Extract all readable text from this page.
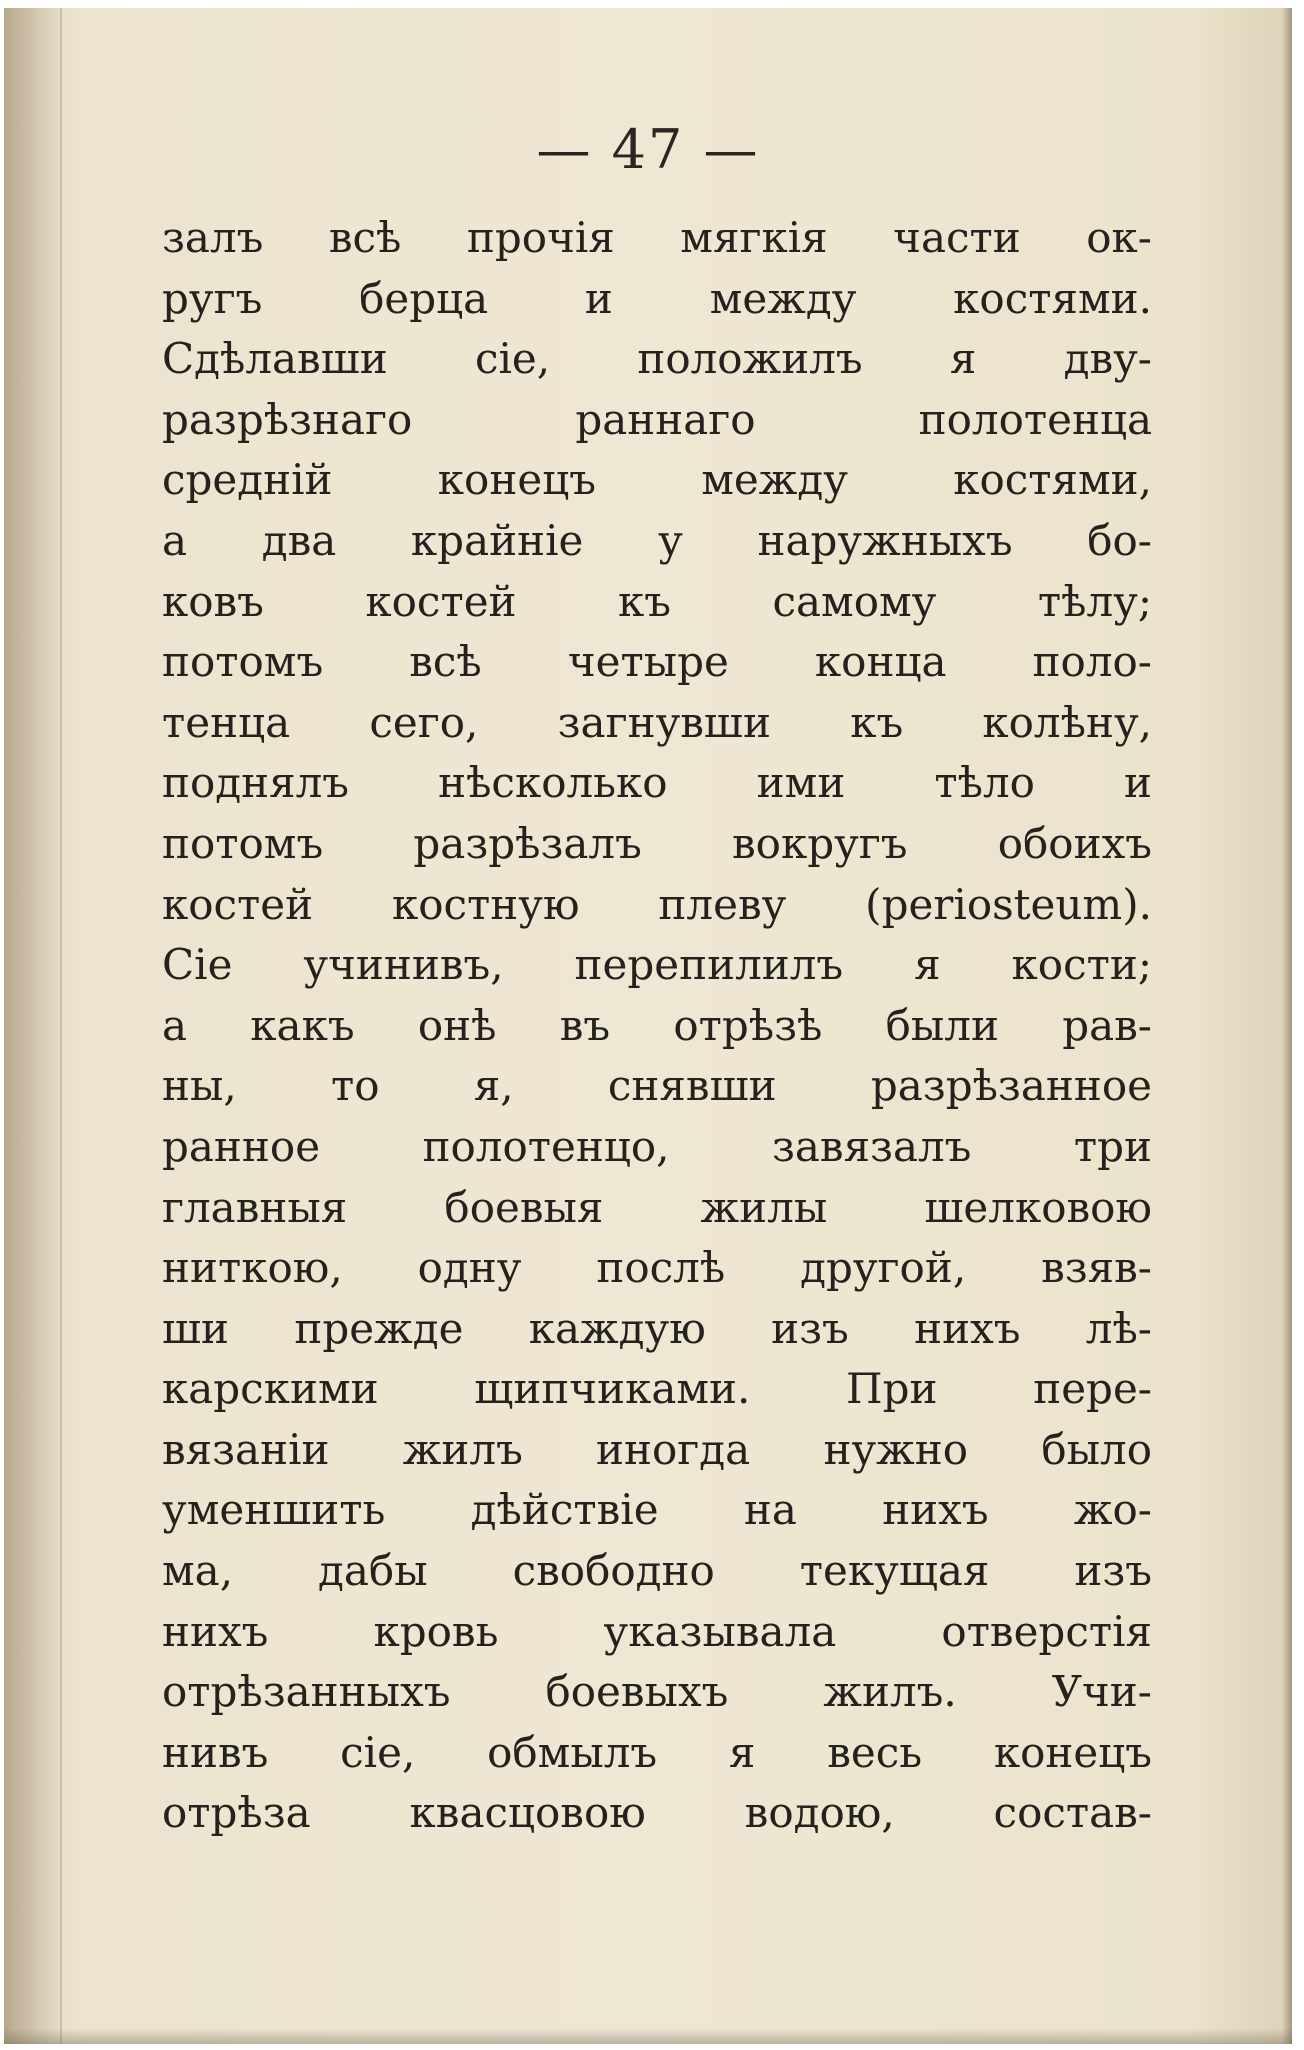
— 47 —
залъ всѣ прочія мягкія части ок-
ругъ берца и между костями.
Сдѣлавши сіе, положилъ я дву-
разрѣзнаго раннаго полотенца
средній конецъ между костями,
а два крайніе у наружныхъ бо-
ковъ костей къ самому тѣлу;
потомъ всѣ четыре конца поло-
тенца сего, загнувши къ колѣну,
поднялъ нѣсколько ими тѣло и
потомъ разрѣзалъ вокругъ обоихъ
костей костную плеву (periosteum).
Сіе учинивъ, перепилилъ я кости;
а какъ онѣ въ отрѣзѣ были рав-
ны, то я, снявши разрѣзанное
ранное полотенцо, завязалъ три
главныя боевыя жилы шелковою
ниткою, одну послѣ другой, взяв-
ши прежде каждую изъ нихъ лѣ-
карскими щипчиками. При пере-
вязаніи жилъ иногда нужно было
уменшить дѣйствіе на нихъ жо-
ма, дабы свободно текущая изъ
нихъ кровь указывала отверстія
отрѣзанныхъ боевыхъ жилъ. Учи-
нивъ сіе, обмылъ я весь конецъ
отрѣза квасцовою водою, состав-
